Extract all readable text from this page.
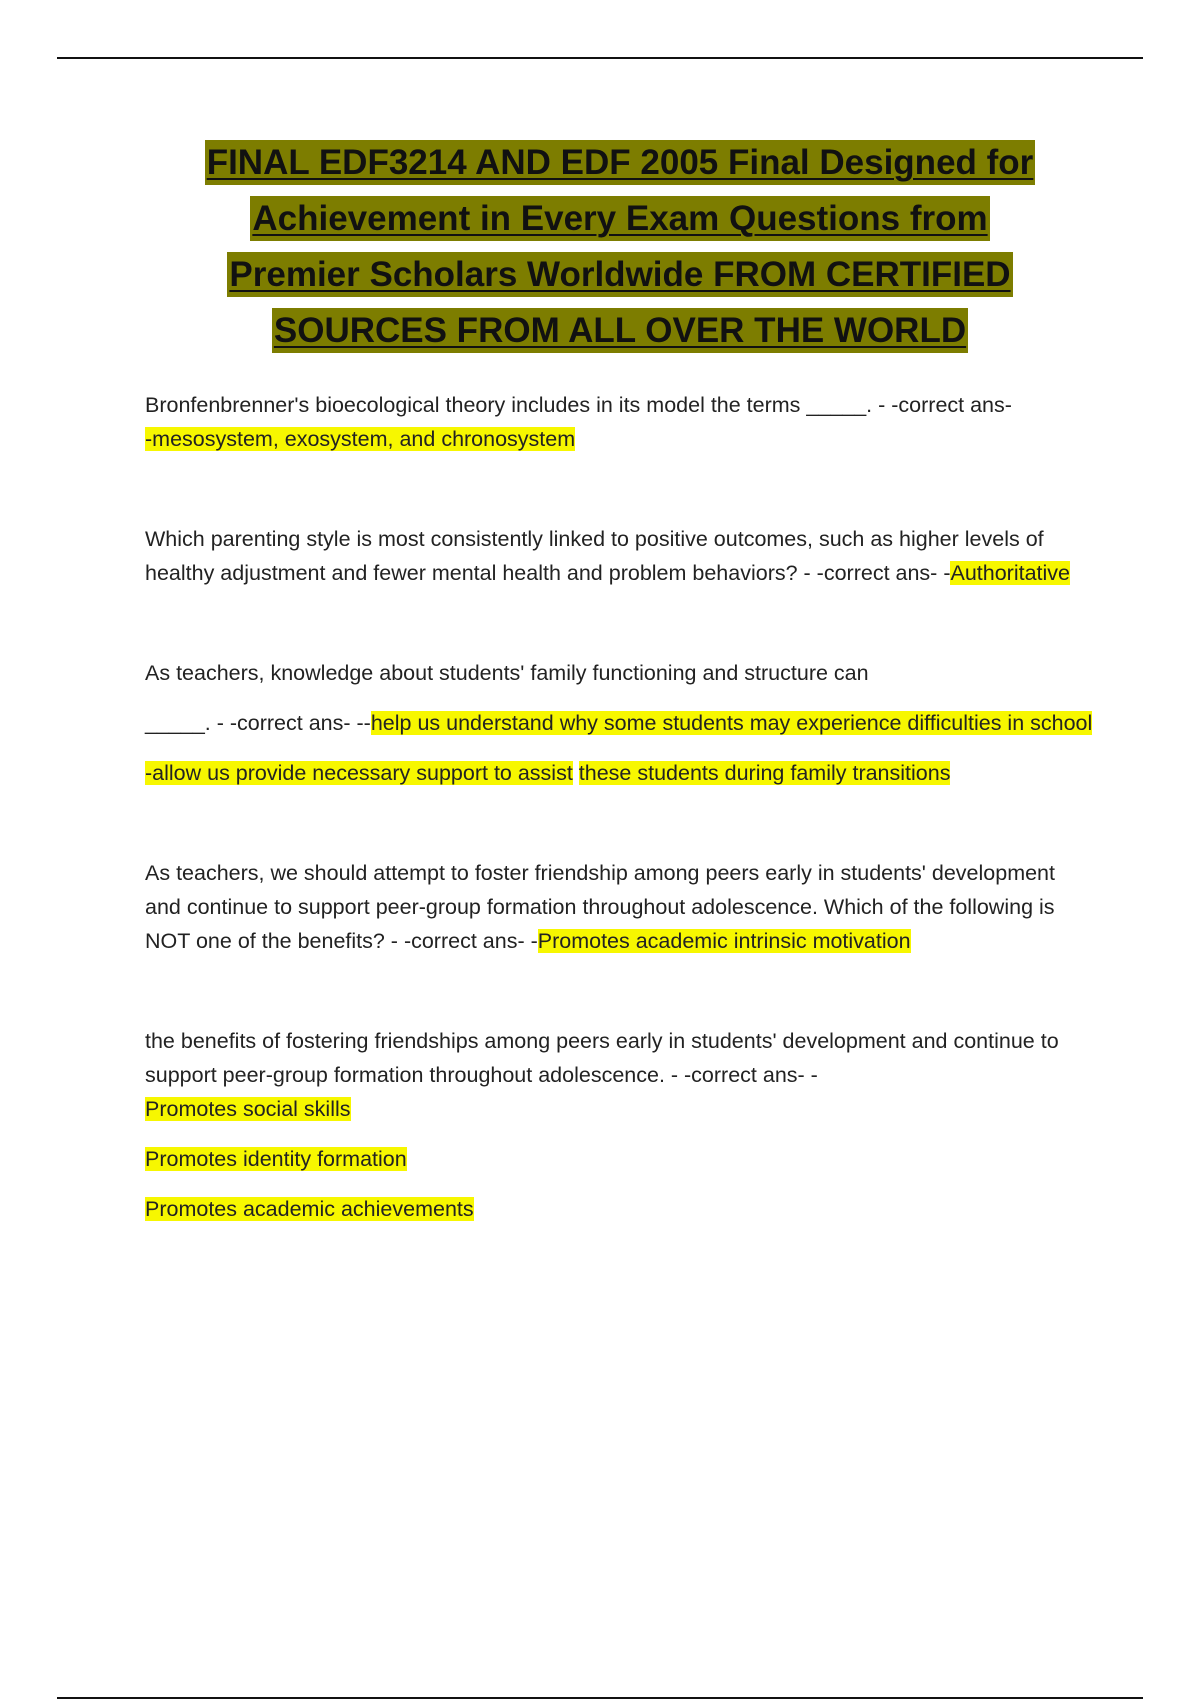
FINAL EDF3214 AND EDF 2005 Final Designed for
Achievement in Every Exam Questions from
Premier Scholars Worldwide FROM CERTIFIED
SOURCES FROM ALL OVER THE WORLD

Bronfenbrenner's bioecological theory includes in its model the terms _____. - -correct ans-
-mesosystem, exosystem, and chronosystem

Which parenting style is most consistently linked to positive outcomes, such as higher levels of healthy adjustment and fewer mental health and problem behaviors? - -correct ans- -Authoritative

As teachers, knowledge about students' family functioning and structure can

_____. - -correct ans- --help us understand why some students may experience difficulties in school

-allow us provide necessary support to assist these students during family transitions

As teachers, we should attempt to foster friendship among peers early in students' development and continue to support peer-group formation throughout adolescence. Which of the following is NOT one of the benefits? - -correct ans- -Promotes academic intrinsic motivation

the benefits of fostering friendships among peers early in students' development and continue to support peer-group formation throughout adolescence. - -correct ans- -

Promotes social skills

Promotes identity formation

Promotes academic achievements
